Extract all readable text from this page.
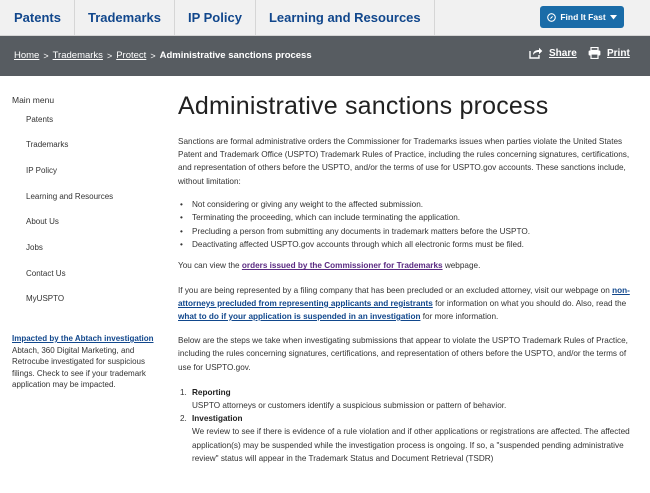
Patents	Trademarks	IP Policy	Learning and Resources	Find It Fast
Home > Trademarks > Protect > Administrative sanctions process	Share	Print
Main menu
Patents
Trademarks
IP Policy
Learning and Resources
About Us
Jobs
Contact Us
MyUSPTO
Impacted by the Abtach investigation
Abtach, 360 Digital Marketing, and Retrocube investigated for suspicious filings. Check to see if your trademark application may be impacted.
Administrative sanctions process

Sanctions are formal administrative orders the Commissioner for Trademarks issues when parties violate the United States Patent and Trademark Office (USPTO) Trademark Rules of Practice, including the rules concerning signatures, certifications, and representation of others before the USPTO, and/or the terms of use for USPTO.gov accounts. These sanctions include, without limitation:

• Not considering or giving any weight to the affected submission.
• Terminating the proceeding, which can include terminating the application.
• Precluding a person from submitting any documents in trademark matters before the USPTO.
• Deactivating affected USPTO.gov accounts through which all electronic forms must be filed.

You can view the orders issued by the Commissioner for Trademarks webpage.

If you are being represented by a filing company that has been precluded or an excluded attorney, visit our webpage on non-attorneys precluded from representing applicants and registrants for information on what you should do. Also, read the what to do if your application is suspended in an investigation for more information.

Below are the steps we take when investigating submissions that appear to violate the USPTO Trademark Rules of Practice, including the rules concerning signatures, certifications, and representation of others before the USPTO, and/or the terms of use for USPTO.gov.

1. Reporting
USPTO attorneys or customers identify a suspicious submission or pattern of behavior.
2. Investigation
We review to see if there is evidence of a rule violation and if other applications or registrations are affected. The affected application(s) may be suspended while the investigation process is ongoing. If so, a "suspended pending administrative review" status will appear in the Trademark Status and Document Retrieval (TSDR)
